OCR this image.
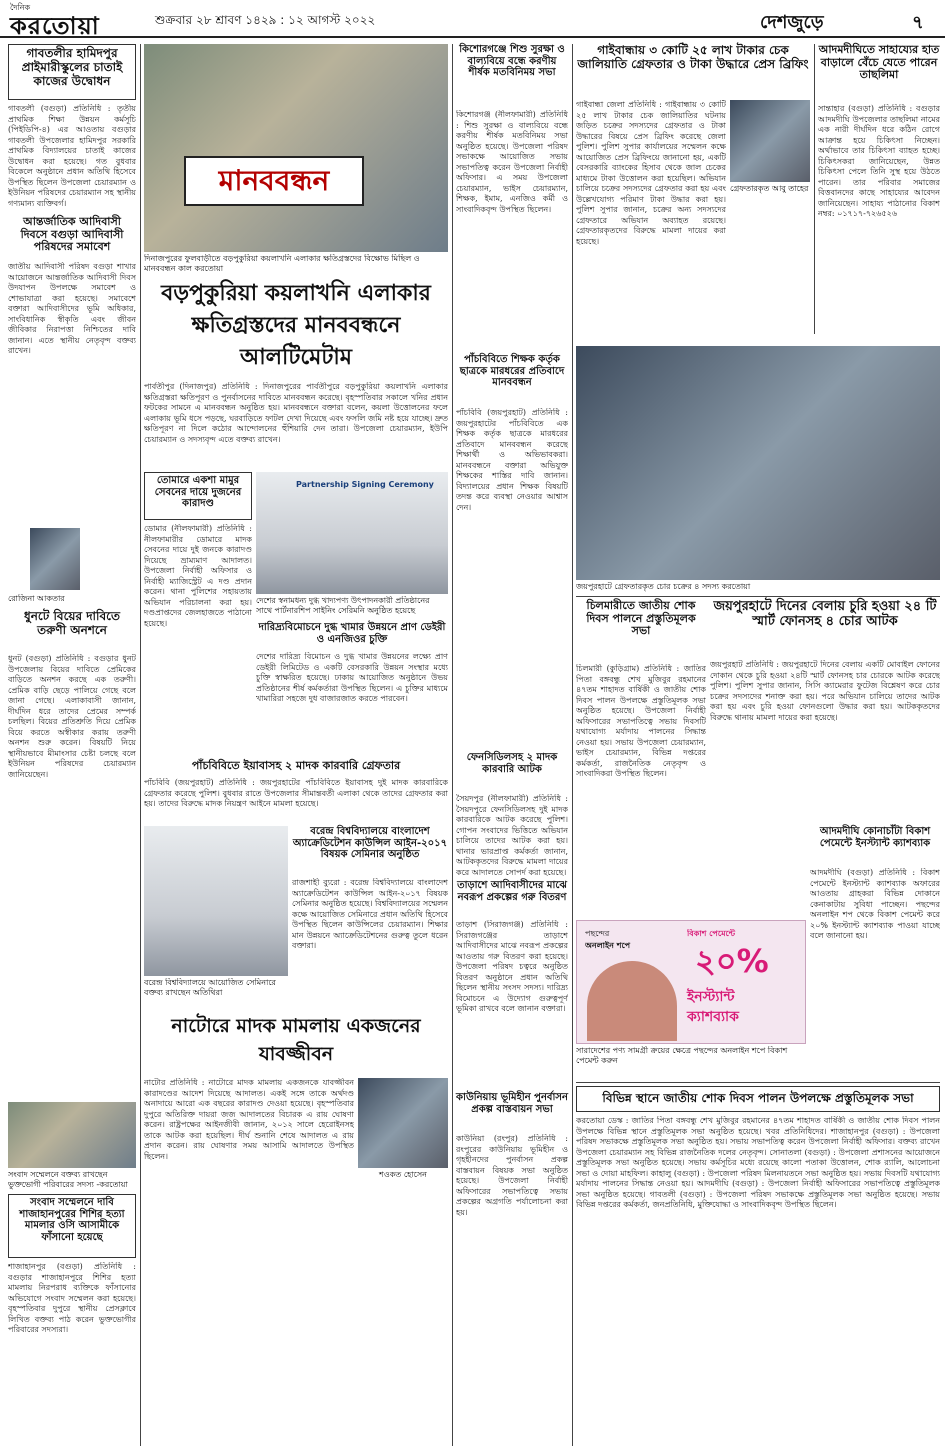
দৈনিক
করতোয়া	শুক্রবার ২৮ শ্রাবণ ১৪২৯ : ১২ আগস্ট ২০২২	দেশজুড়ে	৭
গাবতলীর হামিদপুর প্রাইমারীস্কুলের চাতাই কাজের উদ্বোধন
গাবতলী (বগুড়া) প্রতিনিধি : তৃতীয় প্রাথমিক শিক্ষা উন্নয়ন কর্মসূচি (পিইডিপি-৪) এর আওতায় বগুড়ার গাবতলী উপজেলার হামিদপুর সরকারি প্রাথমিক বিদ্যালয়ের চাতাই কাজের উদ্বোধন করা হয়েছে। গত বুধবার বিকেলে অনুষ্ঠানে প্রধান অতিথি হিসেবে উপস্থিত ছিলেন উপজেলা চেয়ারম্যান ও ইউনিয়ন পরিষদের চেয়ারম্যান সহ স্থানীয় গণ্যমান্য ব্যক্তিবর্গ।
আন্তর্জাতিক আদিবাসী দিবসে বগুড়া আদিবাসী পরিষদের সমাবেশ
জাতীয় আদিবাসী পরিষদ বগুড়া শাখার আয়োজনে আন্তর্জাতিক আদিবাসী দিবস উদযাপন উপলক্ষে সমাবেশ ও শোভাযাত্রা করা হয়েছে। সমাবেশে বক্তারা আদিবাসীদের ভূমি অধিকার, সাংবিধানিক স্বীকৃতি এবং জীবন জীবিকার নিরাপত্তা নিশ্চিতের দাবি জানান। এতে স্থানীয় নেতৃবৃন্দ বক্তব্য রাখেন।
রোজিনা আকতার
ধুনটে বিয়ের দাবিতে তরুণী অনশনে
ধুনট (বগুড়া) প্রতিনিধি : বগুড়ার ধুনট উপজেলায় বিয়ের দাবিতে প্রেমিকের বাড়িতে অনশন করছে এক তরুণী। প্রেমিক বাড়ি ছেড়ে পালিয়ে গেছে বলে জানা গেছে। এলাকাবাসী জানান, দীর্ঘদিন ধরে তাদের প্রেমের সম্পর্ক চলছিল। বিয়ের প্রতিশ্রুতি দিয়ে প্রেমিক বিয়ে করতে অস্বীকার করায় তরুণী অনশন শুরু করেন। বিষয়টি নিয়ে স্থানীয়ভাবে মীমাংসার চেষ্টা চলছে বলে ইউনিয়ন পরিষদের চেয়ারম্যান জানিয়েছেন।
সংবাদ সম্মেলনে বক্তব্য রাখছেন ভুক্তভোগী পরিবারের সদস্য -করতোয়া
সংবাদ সম্মেলনে দাবি শাজাহানপুরের শিশির হত্যা মামলার ওসি আসামীকে ফাঁসানো হয়েছে
শাজাহানপুর (বগুড়া) প্রতিনিধি : বগুড়ার শাজাহানপুরে শিশির হত্যা মামলায় নিরপরাধ ব্যক্তিকে ফাঁসানোর অভিযোগে সংবাদ সম্মেলন করা হয়েছে। বৃহস্পতিবার দুপুরে স্থানীয় প্রেসক্লাবে লিখিত বক্তব্য পাঠ করেন ভুক্তভোগীর পরিবারের সদস্যরা।
মানববন্ধন
দিনাজপুরের ফুলবাড়ীতে বড়পুকুরিয়া কয়লাখনি এলাকার ক্ষতিগ্রস্তদের বিক্ষোভ মিছিল ও মানববন্ধন কাল করতোয়া
বড়পুকুরিয়া কয়লাখনি এলাকার ক্ষতিগ্রস্তদের মানববন্ধনে আলটিমেটাম
পার্বতীপুর (দিনাজপুর) প্রতিনিধি : দিনাজপুরের পার্বতীপুরে বড়পুকুরিয়া কয়লাখনি এলাকার ক্ষতিগ্রস্তরা ক্ষতিপূরণ ও পুনর্বাসনের দাবিতে মানববন্ধন করেছে। বৃহস্পতিবার সকালে খনির প্রধান ফটকের সামনে এ মানববন্ধন অনুষ্ঠিত হয়। মানববন্ধনে বক্তারা বলেন, কয়লা উত্তোলনের ফলে এলাকায় ভূমি ধসে পড়ছে, ঘরবাড়িতে ফাটল দেখা দিয়েছে এবং ফসলি জমি নষ্ট হয়ে যাচ্ছে। দ্রুত ক্ষতিপূরণ না দিলে কঠোর আন্দোলনের হুঁশিয়ারি দেন তারা। উপজেলা চেয়ারম্যান, ইউপি চেয়ারম্যান ও সদস্যবৃন্দ এতে বক্তব্য রাখেন।
তোমারে একশা মামুর সেবনের দায়ে দুজনের কারাদণ্ড
ডোমার (নীলফামারী) প্রতিনিধি : নীলফামারীর ডোমারে মাদক সেবনের দায়ে দুই জনকে কারাদণ্ড দিয়েছে ভ্রাম্যমাণ আদালত। উপজেলা নির্বাহী অফিসার ও নির্বাহী ম্যাজিস্ট্রেট এ দণ্ড প্রদান করেন। থানা পুলিশের সহায়তায় অভিযান পরিচালনা করা হয়। দণ্ডপ্রাপ্তদের জেলহাজতে পাঠানো হয়েছে।
Partnership Signing Ceremony
দেশের স্বনামধন্য দুগ্ধ খাদ্যপণ্য উৎপাদনকারী প্রতিষ্ঠানের সাথে পার্টনারশিপ সাইনিং সেরিমনি অনুষ্ঠিত হয়েছে
দারিদ্র্যবিমোচনে দুগ্ধ খামার উন্নয়নে প্রাণ ডেইরী ও এনজিওর চুক্তি
দেশের দারিদ্র্য বিমোচন ও দুগ্ধ খামার উন্নয়নের লক্ষ্যে প্রাণ ডেইরী লিমিটেড ও একটি বেসরকারি উন্নয়ন সংস্থার মধ্যে চুক্তি স্বাক্ষরিত হয়েছে। ঢাকায় আয়োজিত অনুষ্ঠানে উভয় প্রতিষ্ঠানের শীর্ষ কর্মকর্তারা উপস্থিত ছিলেন। এ চুক্তির মাধ্যমে খামারিরা সহজে দুধ বাজারজাত করতে পারবেন।
পাঁচবিবিতে ইয়াবাসহ ২ মাদক কারবারি গ্রেফতার
পাঁচবিবি (জয়পুরহাট) প্রতিনিধি : জয়পুরহাটের পাঁচবিবিতে ইয়াবাসহ দুই মাদক কারবারিকে গ্রেফতার করেছে পুলিশ। বুধবার রাতে উপজেলার সীমান্তবর্তী এলাকা থেকে তাদের গ্রেফতার করা হয়। তাদের বিরুদ্ধে মাদক নিয়ন্ত্রণ আইনে মামলা হয়েছে।
বরেন্দ্র বিশ্ববিদ্যালয়ে আয়োজিত সেমিনারে বক্তব্য রাখছেন অতিথিরা
বরেন্দ্র বিশ্ববিদ্যালয়ে বাংলাদেশ অ্যাক্রেডিটেশন কাউন্সিল আইন-২০১৭ বিষয়ক সেমিনার অনুষ্ঠিত
রাজশাহী ব্যুরো : বরেন্দ্র বিশ্ববিদ্যালয়ে বাংলাদেশ অ্যাক্রেডিটেশন কাউন্সিল আইন-২০১৭ বিষয়ক সেমিনার অনুষ্ঠিত হয়েছে। বিশ্ববিদ্যালয়ের সম্মেলন কক্ষে আয়োজিত সেমিনারে প্রধান অতিথি হিসেবে উপস্থিত ছিলেন কাউন্সিলের চেয়ারম্যান। শিক্ষার মান উন্নয়নে অ্যাক্রেডিটেশনের গুরুত্ব তুলে ধরেন বক্তারা।
নাটোরে মাদক মামলায় একজনের যাবজ্জীবন
নাটোর প্রতিনিধি : নাটোরে মাদক মামলায় একজনকে যাবজ্জীবন কারাদণ্ডের আদেশ দিয়েছে আদালত। একই সঙ্গে তাকে অর্থদণ্ড অনাদায়ে আরো এক বছরের কারাদণ্ড দেওয়া হয়েছে। বৃহস্পতিবার দুপুরে অতিরিক্ত দায়রা জজ আদালতের বিচারক এ রায় ঘোষণা করেন। রাষ্ট্রপক্ষের আইনজীবী জানান, ২০১২ সালে হেরোইনসহ তাকে আটক করা হয়েছিল। দীর্ঘ শুনানি শেষে আদালত এ রায় প্রদান করেন। রায় ঘোষণার সময় আসামি আদালতে উপস্থিত ছিলেন।
শওকত হোসেন
কিশোরগঞ্জে শিশু সুরক্ষা ও বাল্যবিয়ে বন্ধে করণীয় শীর্ষক মতবিনিময় সভা
কিশোরগঞ্জ (নীলফামারী) প্রতিনিধি : শিশু সুরক্ষা ও বাল্যবিয়ে বন্ধে করণীয় শীর্ষক মতবিনিময় সভা অনুষ্ঠিত হয়েছে। উপজেলা পরিষদ সভাকক্ষে আয়োজিত সভায় সভাপতিত্ব করেন উপজেলা নির্বাহী অফিসার। এ সময় উপজেলা চেয়ারম্যান, ভাইস চেয়ারম্যান, শিক্ষক, ইমাম, এনজিও কর্মী ও সাংবাদিকবৃন্দ উপস্থিত ছিলেন।
পাঁচবিবিতে শিক্ষক কর্তৃক ছাত্রকে মারধরের প্রতিবাদে মানববন্ধন
পাঁচবিবি (জয়পুরহাট) প্রতিনিধি : জয়পুরহাটের পাঁচবিবিতে এক শিক্ষক কর্তৃক ছাত্রকে মারধরের প্রতিবাদে মানববন্ধন করেছে শিক্ষার্থী ও অভিভাবকরা। মানববন্ধনে বক্তারা অভিযুক্ত শিক্ষকের শাস্তির দাবি জানান। বিদ্যালয়ের প্রধান শিক্ষক বিষয়টি তদন্ত করে ব্যবস্থা নেওয়ার আশ্বাস দেন।
ফেনসিডিলসহ ২ মাদক কারবারি আটক
সৈয়দপুর (নীলফামারী) প্রতিনিধি : সৈয়দপুরে ফেনসিডিলসহ দুই মাদক কারবারিকে আটক করেছে পুলিশ। গোপন সংবাদের ভিত্তিতে অভিযান চালিয়ে তাদের আটক করা হয়। থানার ভারপ্রাপ্ত কর্মকর্তা জানান, আটককৃতদের বিরুদ্ধে মামলা দায়ের করে আদালতে সোপর্দ করা হয়েছে।
তাড়াশে আদিবাসীদের মাঝে নবরূপ প্রকল্পের গরু বিতরণ
তাড়াশ (সিরাজগঞ্জ) প্রতিনিধি : সিরাজগঞ্জের তাড়াশে আদিবাসীদের মাঝে নবরূপ প্রকল্পের আওতায় গরু বিতরণ করা হয়েছে। উপজেলা পরিষদ চত্বরে অনুষ্ঠিত বিতরণ অনুষ্ঠানে প্রধান অতিথি ছিলেন স্থানীয় সংসদ সদস্য। দারিদ্র্য বিমোচনে এ উদ্যোগ গুরুত্বপূর্ণ ভূমিকা রাখবে বলে জানান বক্তারা।
কাউনিয়ায় ভূমিহীন পুনর্বাসন প্রকল্প বাস্তবায়ন সভা
কাউনিয়া (রংপুর) প্রতিনিধি : রংপুরের কাউনিয়ায় ভূমিহীন ও গৃহহীনদের পুনর্বাসন প্রকল্প বাস্তবায়ন বিষয়ক সভা অনুষ্ঠিত হয়েছে। উপজেলা নির্বাহী অফিসারের সভাপতিত্বে সভায় প্রকল্পের অগ্রগতি পর্যালোচনা করা হয়।
গাইবান্ধায় ৩ কোটি ২৫ লাখ টাকার চেক জালিয়াতি গ্রেফতার ও টাকা উদ্ধারে প্রেস ব্রিফিং
গাইবান্ধা জেলা প্রতিনিধি : গাইবান্ধায় ৩ কোটি ২৫ লাখ টাকার চেক জালিয়াতির ঘটনায় জড়িত চক্রের সদস্যদের গ্রেফতার ও টাকা উদ্ধারের বিষয়ে প্রেস ব্রিফিং করেছে জেলা পুলিশ। পুলিশ সুপার কার্যালয়ের সম্মেলন কক্ষে আয়োজিত প্রেস ব্রিফিংয়ে জানানো হয়, একটি বেসরকারি ব্যাংকের হিসাব থেকে জাল চেকের মাধ্যমে টাকা উত্তোলন করা হয়েছিল। অভিযান চালিয়ে চক্রের সদস্যদের গ্রেফতার করা হয় এবং উল্লেখযোগ্য পরিমাণ টাকা উদ্ধার করা হয়। পুলিশ সুপার জানান, চক্রের অন্য সদস্যদের গ্রেফতারে অভিযান অব্যাহত রয়েছে। গ্রেফতারকৃতদের বিরুদ্ধে মামলা দায়ের করা হয়েছে।
গ্রেফতারকৃত আবু তাহের
আদমদীঘিতে সাহায্যের হাত বাড়ালে বেঁচে যেতে পারেন তাছলিমা
সান্তাহার (বগুড়া) প্রতিনিধি : বগুড়ার আদমদীঘি উপজেলার তাছলিমা নামের এক নারী দীর্ঘদিন ধরে কঠিন রোগে আক্রান্ত হয়ে চিকিৎসা নিচ্ছেন। অর্থাভাবে তার চিকিৎসা ব্যাহত হচ্ছে। চিকিৎসকরা জানিয়েছেন, উন্নত চিকিৎসা পেলে তিনি সুস্থ হয়ে উঠতে পারেন। তার পরিবার সমাজের বিত্তবানদের কাছে সাহায্যের আবেদন জানিয়েছেন। সাহায্য পাঠানোর বিকাশ নম্বর: ০১৭১৭-৭২৬৫২৬
জয়পুরহাটে গ্রেফতারকৃত চোর চক্রের ৪ সদস্য করতোয়া
চিলমারীতে জাতীয় শোক দিবস পালনে প্রস্তুতিমূলক সভা
চিলমারী (কুড়িগ্রাম) প্রতিনিধি : জাতির পিতা বঙ্গবন্ধু শেখ মুজিবুর রহমানের ৪৭তম শাহাদত বার্ষিকী ও জাতীয় শোক দিবস পালন উপলক্ষে প্রস্তুতিমূলক সভা অনুষ্ঠিত হয়েছে। উপজেলা নির্বাহী অফিসারের সভাপতিত্বে সভায় দিবসটি যথাযোগ্য মর্যাদায় পালনের সিদ্ধান্ত নেওয়া হয়। সভায় উপজেলা চেয়ারম্যান, ভাইস চেয়ারম্যান, বিভিন্ন দপ্তরের কর্মকর্তা, রাজনৈতিক নেতৃবৃন্দ ও সাংবাদিকরা উপস্থিত ছিলেন।
জয়পুরহাটে দিনের বেলায় চুরি হওয়া ২৪ টি স্মার্ট ফোনসহ ৪ চোর আটক
জয়পুরহাট প্রতিনিধি : জয়পুরহাটে দিনের বেলায় একটি মোবাইল ফোনের দোকান থেকে চুরি হওয়া ২৪টি স্মার্ট ফোনসহ চার চোরকে আটক করেছে পুলিশ। পুলিশ সুপার জানান, সিসি ক্যামেরার ফুটেজ বিশ্লেষণ করে চোর চক্রের সদস্যদের শনাক্ত করা হয়। পরে অভিযান চালিয়ে তাদের আটক করা হয় এবং চুরি হওয়া ফোনগুলো উদ্ধার করা হয়। আটককৃতদের বিরুদ্ধে থানায় মামলা দায়ের করা হয়েছে।
আদমদীঘি কোনাচাঁটা বিকাশ পেমেন্টে ইনস্ট্যান্ট ক্যাশব্যাক
আদমদীঘি (বগুড়া) প্রতিনিধি : বিকাশ পেমেন্টে ইনস্ট্যান্ট ক্যাশব্যাক অফারের আওতায় গ্রাহকরা বিভিন্ন দোকানে কেনাকাটায় সুবিধা পাচ্ছেন। পছন্দের অনলাইন শপ থেকে বিকাশ পেমেন্ট করে ২০% ইনস্ট্যান্ট ক্যাশব্যাক পাওয়া যাচ্ছে বলে জানানো হয়।
পছন্দের
অনলাইন শপে
বিকাশ পেমেন্টে
২০%
ইনস্ট্যান্ট
ক্যাশব্যাক
সারাদেশের পণ্য সামগ্রী ক্রয়ের ক্ষেত্রে পছন্দের অনলাইন শপে বিকাশ পেমেন্ট করুন
বিভিন্ন স্থানে জাতীয় শোক দিবস পালন উপলক্ষে প্রস্তুতিমূলক সভা
করতোয়া ডেস্ক : জাতির পিতা বঙ্গবন্ধু শেখ মুজিবুর রহমানের ৪৭তম শাহাদত বার্ষিকী ও জাতীয় শোক দিবস পালন উপলক্ষে বিভিন্ন স্থানে প্রস্তুতিমূলক সভা অনুষ্ঠিত হয়েছে। খবর প্রতিনিধিদের। শাজাহানপুর (বগুড়া) : উপজেলা পরিষদ সভাকক্ষে প্রস্তুতিমূলক সভা অনুষ্ঠিত হয়। সভায় সভাপতিত্ব করেন উপজেলা নির্বাহী অফিসার। বক্তব্য রাখেন উপজেলা চেয়ারম্যান সহ বিভিন্ন রাজনৈতিক দলের নেতৃবৃন্দ। সোনাতলা (বগুড়া) : উপজেলা প্রশাসনের আয়োজনে প্রস্তুতিমূলক সভা অনুষ্ঠিত হয়েছে। সভায় কর্মসূচির মধ্যে রয়েছে কালো পতাকা উত্তোলন, শোক র‍্যালি, আলোচনা সভা ও দোয়া মাহফিল। কাহালু (বগুড়া) : উপজেলা পরিষদ মিলনায়তনে সভা অনুষ্ঠিত হয়। সভায় দিবসটি যথাযোগ্য মর্যাদায় পালনের সিদ্ধান্ত নেওয়া হয়। আদমদীঘি (বগুড়া) : উপজেলা নির্বাহী অফিসারের সভাপতিত্বে প্রস্তুতিমূলক সভা অনুষ্ঠিত হয়েছে। গাবতলী (বগুড়া) : উপজেলা পরিষদ সভাকক্ষে প্রস্তুতিমূলক সভা অনুষ্ঠিত হয়েছে। সভায় বিভিন্ন দপ্তরের কর্মকর্তা, জনপ্রতিনিধি, মুক্তিযোদ্ধা ও সাংবাদিকবৃন্দ উপস্থিত ছিলেন।
